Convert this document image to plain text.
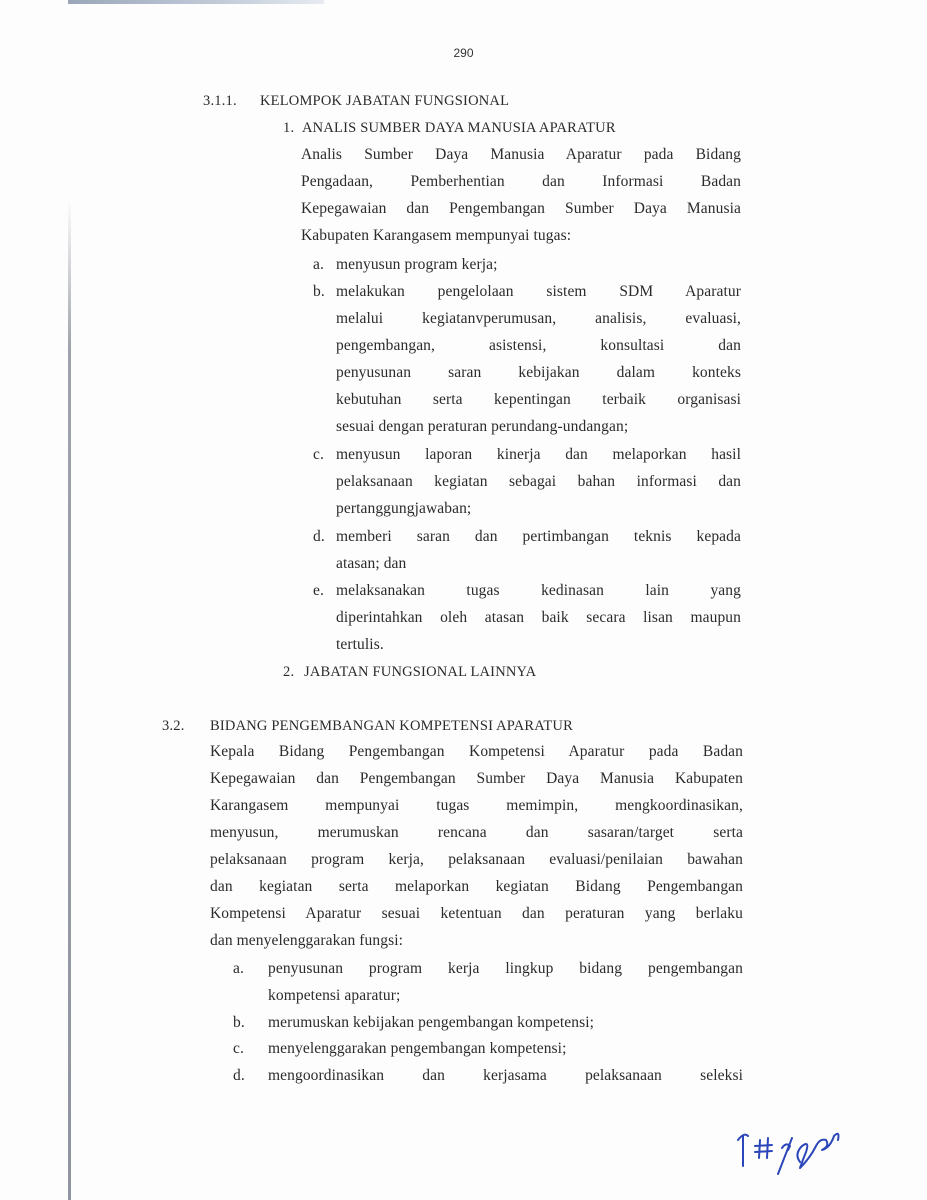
290
3.1.1. KELOMPOK JABATAN FUNGSIONAL
1. ANALIS SUMBER DAYA MANUSIA APARATUR
Analis Sumber Daya Manusia Aparatur pada Bidang
Pengadaan, Pemberhentian dan Informasi Badan
Kepegawaian dan Pengembangan Sumber Daya Manusia
Kabupaten Karangasem mempunyai tugas:
a. menyusun program kerja;
b. melakukan pengelolaan sistem SDM Aparatur
melalui kegiatanvperumusan, analisis, evaluasi,
pengembangan, asistensi, konsultasi dan
penyusunan saran kebijakan dalam konteks
kebutuhan serta kepentingan terbaik organisasi
sesuai dengan peraturan perundang-undangan;
c. menyusun laporan kinerja dan melaporkan hasil
pelaksanaan kegiatan sebagai bahan informasi dan
pertanggungjawaban;
d. memberi saran dan pertimbangan teknis kepada
atasan; dan
e. melaksanakan tugas kedinasan lain yang
diperintahkan oleh atasan baik secara lisan maupun
tertulis.
2. JABATAN FUNGSIONAL LAINNYA
3.2. BIDANG PENGEMBANGAN KOMPETENSI APARATUR
Kepala Bidang Pengembangan Kompetensi Aparatur pada Badan
Kepegawaian dan Pengembangan Sumber Daya Manusia Kabupaten
Karangasem mempunyai tugas memimpin, mengkoordinasikan,
menyusun, merumuskan rencana dan sasaran/target serta
pelaksanaan program kerja, pelaksanaan evaluasi/penilaian bawahan
dan kegiatan serta melaporkan kegiatan Bidang Pengembangan
Kompetensi Aparatur sesuai ketentuan dan peraturan yang berlaku
dan menyelenggarakan fungsi:
a. penyusunan program kerja lingkup bidang pengembangan
kompetensi aparatur;
b. merumuskan kebijakan pengembangan kompetensi;
c. menyelenggarakan pengembangan kompetensi;
d. mengoordinasikan dan kerjasama pelaksanaan seleksi
